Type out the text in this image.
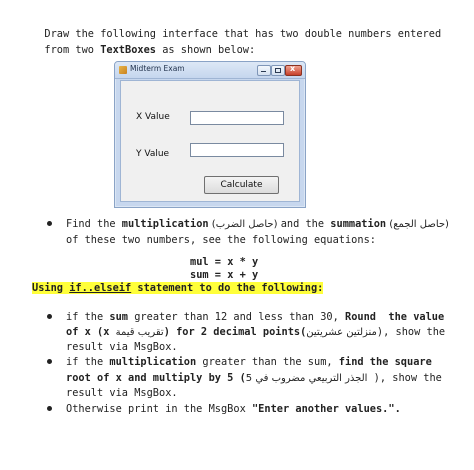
Draw the following interface that has two double numbers entered

from two TextBoxes as shown below:

Midterm Exam
x
X Value
Y Value
Calculate
Find the multiplication (حاصل الضرب) and the summation (حاصل الجمع)
of these two numbers, see the following equations:
mul = x * y
sum = x + y
Using if..elseif statement to do the following:
if the sum greater than 12 and less than 30, Round  the value
of x (x تقريب قيمة) for 2 decimal points(منزلتين عشريتين), show the
result via MsgBox.
if the multiplication greater than the sum, find the square
root of x and multiply by 5 (الجذر التربيعي مضروب في 5 ), show the
result via MsgBox.
Otherwise print in the MsgBox "Enter another values.".
